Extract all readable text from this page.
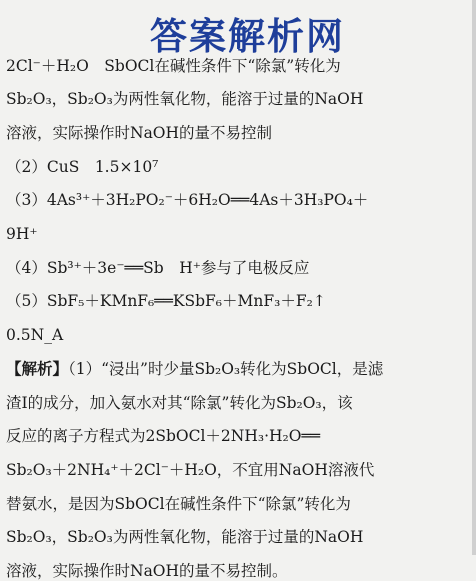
2Cl⁻＋H₂O　SbOCl在碱性条件下“除氯”转化为
Sb₂O₃，Sb₂O₃为两性氧化物，能溶于过量的NaOH
溶液，实际操作时NaOH的量不易控制
（2）CuS　1.5×10⁷
（3）4As³⁺＋3H₂PO₂⁻＋6H₂O══4As＋3H₃PO₄＋
9H⁺
（4）Sb³⁺＋3e⁻══Sb　H⁺参与了电极反应
（5）SbF₅＋KMnF₆══KSbF₆＋MnF₃＋F₂↑
0.5N_A
【解析】（1）“浸出”时少量Sb₂O₃转化为SbOCl，是滤
渣Ⅰ的成分，加入氨水对其“除氯”转化为Sb₂O₃，该
反应的离子方程式为2SbOCl＋2NH₃·H₂O══
Sb₂O₃＋2NH₄⁺＋2Cl⁻＋H₂O，不宜用NaOH溶液代
替氨水，是因为SbOCl在碱性条件下“除氯”转化为
Sb₂O₃，Sb₂O₃为两性氧化物，能溶于过量的NaOH
溶液，实际操作时NaOH的量不易控制。
答案解析网
